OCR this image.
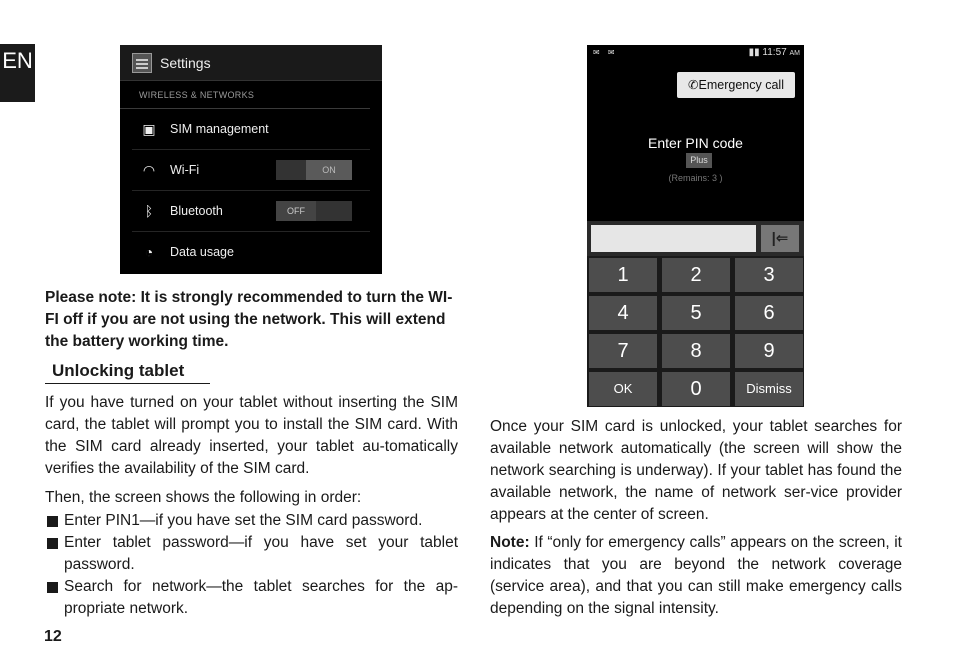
EN	Settings
WIRELESS & NETWORKS
▣ SIM management
◠ Wi-Fi	ON
ᛒ	Bluetooth	OFF
◔	Data usage
Please note: It is strongly recommended to turn the WI-FI off if you are not using the network. This will extend the battery working time.
Unlocking tablet
If you have turned on your tablet without inserting the SIM card, the tablet will prompt you to install the SIM card. With the SIM card already inserted, your tablet au-tomatically verifies the availability of the SIM card.
Then, the screen shows the following in order:
Enter PIN1—if you have set the SIM card password.
Enter tablet password—if you have set your tablet password.
Search for network—the tablet searches for the ap-propriate network.
12
✉ ✉	▮▮ 11:57 AM
✆Emergency call
Enter PIN code
Plus
(Remains: 3 )
|⇐
1	2	3
4	5	6
7	8	9
OK	0	Dismiss
Once your SIM card is unlocked, your tablet searches for available network automatically (the screen will show the network searching is underway). If your tablet has found the available network, the name of network ser-vice provider appears at the center of screen.
Note: If “only for emergency calls” appears on the screen, it indicates that you are beyond the network coverage (service area), and that you can still make emergency calls depending on the signal intensity.
